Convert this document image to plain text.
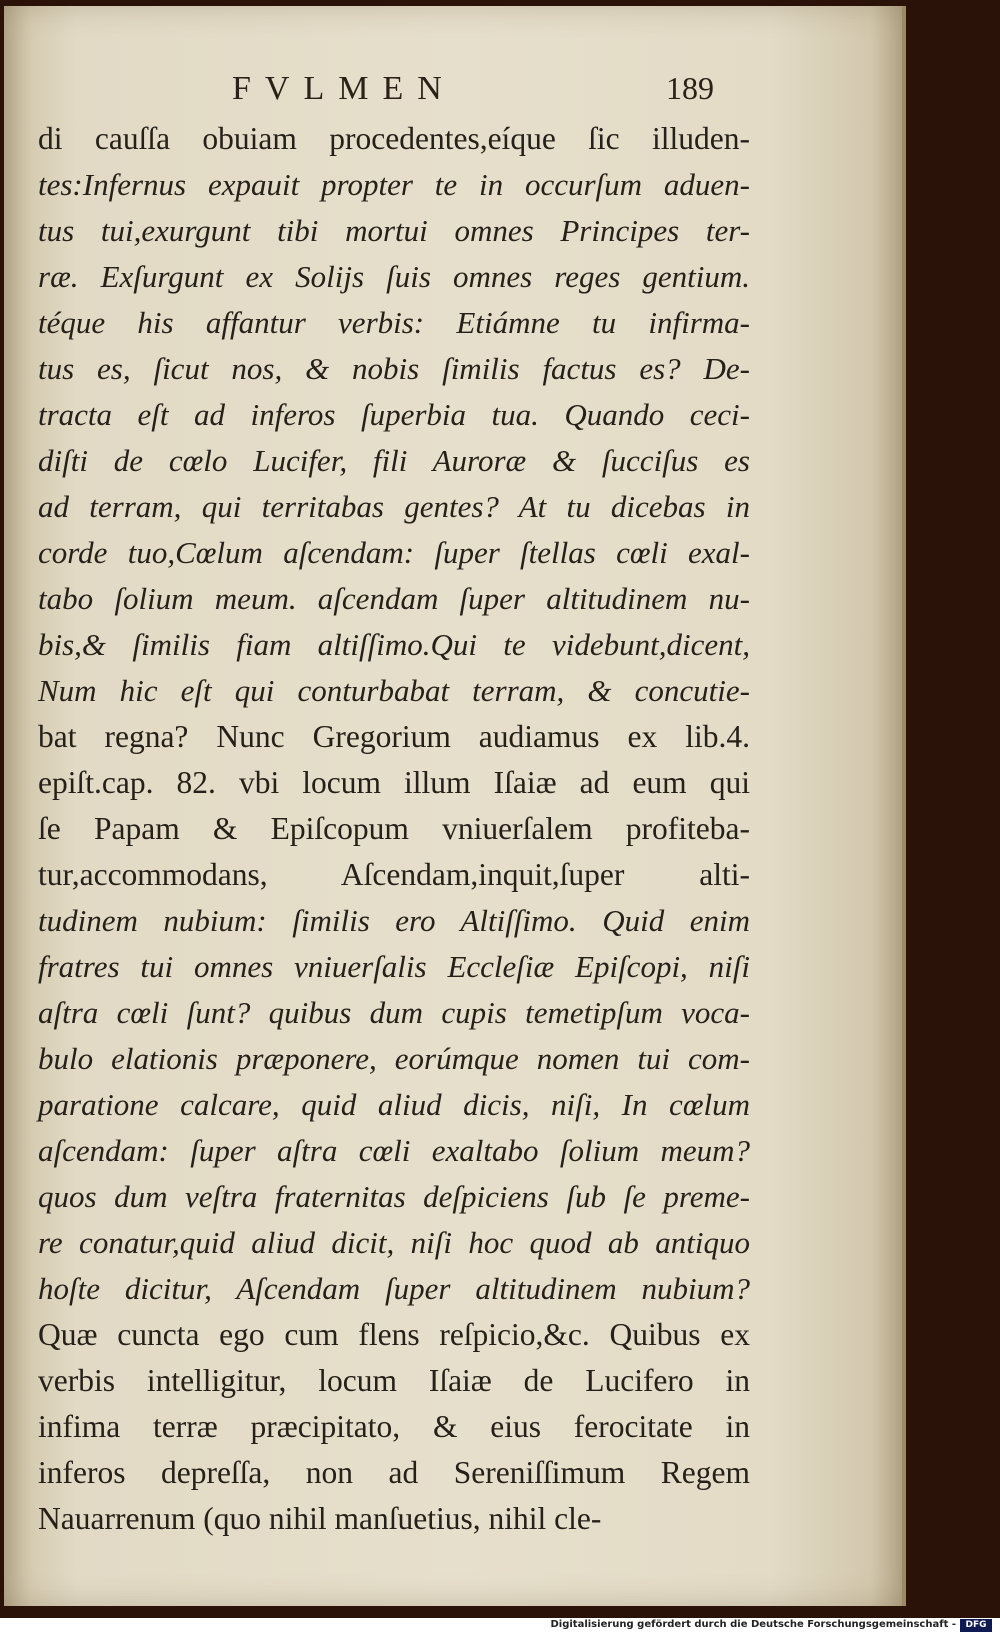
FVLMEN	189
di cauſſa obuiam procedentes,eíque ſic illuden-
tes:Infernus expauit propter te in occurſum aduen-
tus tui,exurgunt tibi mortui omnes Principes ter-
ræ. Exſurgunt ex Solijs ſuis omnes reges gentium.
téque his affantur verbis: Etiámne tu infirma-
tus es, ſicut nos, & nobis ſimilis factus es? De-
tracta eſt ad inferos ſuperbia tua. Quando ceci-
diſti de cœlo Lucifer, fili Auroræ & ſucciſus es
ad terram, qui territabas gentes? At tu dicebas in
corde tuo,Cœlum aſcendam: ſuper ſtellas cœli exal-
tabo ſolium meum. aſcendam ſuper altitudinem nu-
bis,& ſimilis fiam altiſſimo.Qui te videbunt,dicent,
Num hic eſt qui conturbabat terram, & concutie-
bat regna? Nunc Gregorium audiamus ex lib.4.
epiſt.cap. 82. vbi locum illum Iſaiæ ad eum qui
ſe Papam & Epiſcopum vniuerſalem profiteba-
tur,accommodans, Aſcendam,inquit,ſuper alti-
tudinem nubium: ſimilis ero Altiſſimo. Quid enim
fratres tui omnes vniuerſalis Eccleſiæ Epiſcopi, niſi
aſtra cœli ſunt? quibus dum cupis temetipſum voca-
bulo elationis præponere, eorúmque nomen tui com-
paratione calcare, quid aliud dicis, niſi, In cœlum
aſcendam: ſuper aſtra cœli exaltabo ſolium meum?
quos dum veſtra fraternitas deſpiciens ſub ſe preme-
re conatur,quid aliud dicit, niſi hoc quod ab antiquo
hoſte dicitur, Aſcendam ſuper altitudinem nubium?
Quæ cuncta ego cum flens reſpicio,&c. Quibus ex
verbis intelligitur, locum Iſaiæ de Lucifero in
infima terræ præcipitato, & eius ferocitate in
inferos depreſſa, non ad Sereniſſimum Regem
Nauarrenum (quo nihil manſuetius, nihil cle-
Digitalisierung gefördert durch die Deutsche Forschungsgemeinschaft -	DFG
